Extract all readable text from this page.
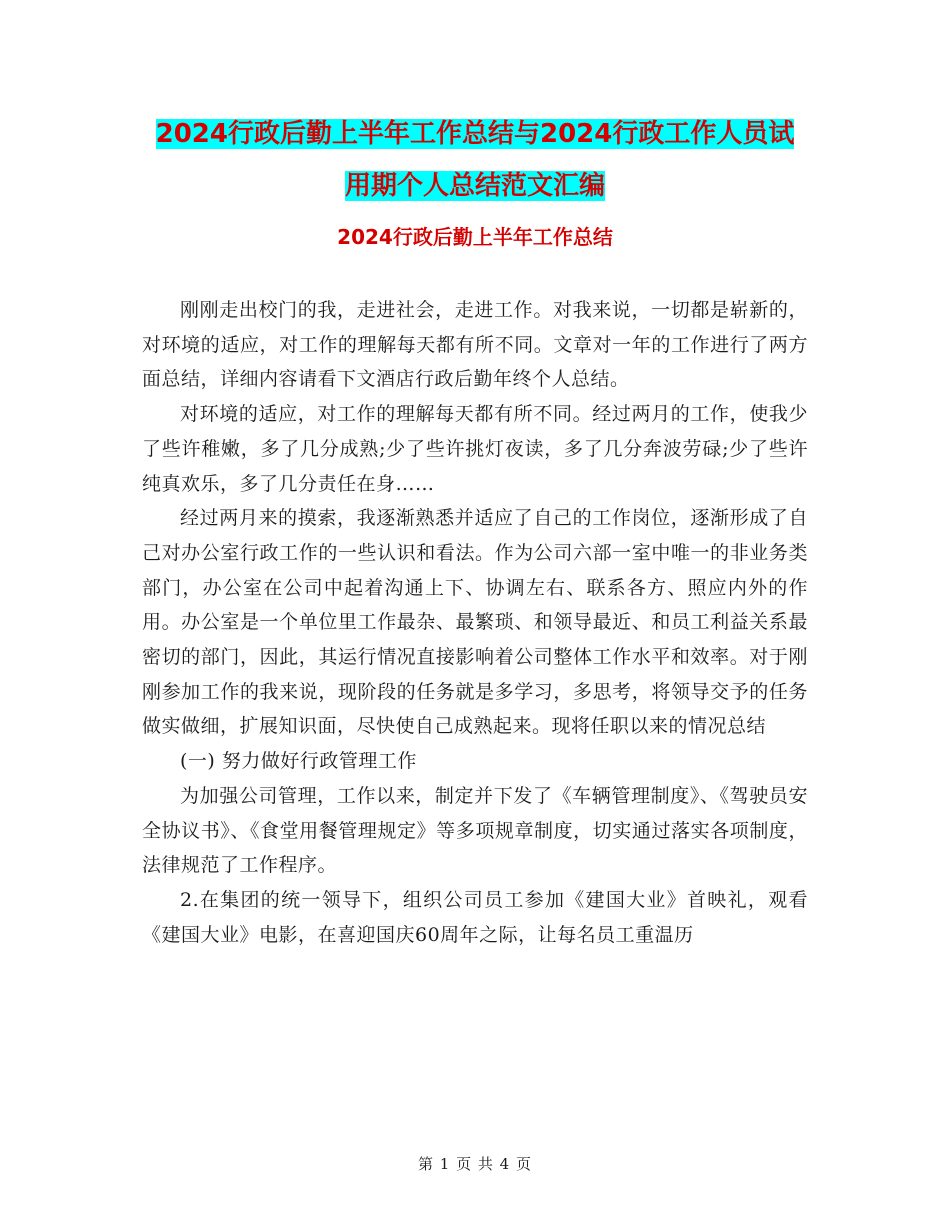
2024行政后勤上半年工作总结与2024行政工作人员试
用期个人总结范文汇编
2024行政后勤上半年工作总结

刚刚走出校门的我，走进社会，走进工作。对我来说，一切都是崭新的，对环境的适应，对工作的理解每天都有所不同。文章对一年的工作进行了两方面总结，详细内容请看下文酒店行政后勤年终个人总结。

对环境的适应，对工作的理解每天都有所不同。经过两月的工作，使我少了些许稚嫩，多了几分成熟;少了些许挑灯夜读，多了几分奔波劳碌;少了些许纯真欢乐，多了几分责任在身……

经过两月来的摸索，我逐渐熟悉并适应了自己的工作岗位，逐渐形成了自己对办公室行政工作的一些认识和看法。作为公司六部一室中唯一的非业务类部门，办公室在公司中起着沟通上下、协调左右、联系各方、照应内外的作用。办公室是一个单位里工作最杂、最繁琐、和领导最近、和员工利益关系最密切的部门，因此，其运行情况直接影响着公司整体工作水平和效率。对于刚刚参加工作的我来说，现阶段的任务就是多学习，多思考，将领导交予的任务做实做细，扩展知识面，尽快使自己成熟起来。现将任职以来的情况总结

(一) 努力做好行政管理工作

为加强公司管理，工作以来，制定并下发了《车辆管理制度》、《驾驶员安全协议书》、《食堂用餐管理规定》等多项规章制度，切实通过落实各项制度，法律规范了工作程序。

2.在集团的统一领导下，组织公司员工参加《建国大业》首映礼，观看《建国大业》电影，在喜迎国庆60周年之际，让每名员工重温历

第 1 页 共 4 页
